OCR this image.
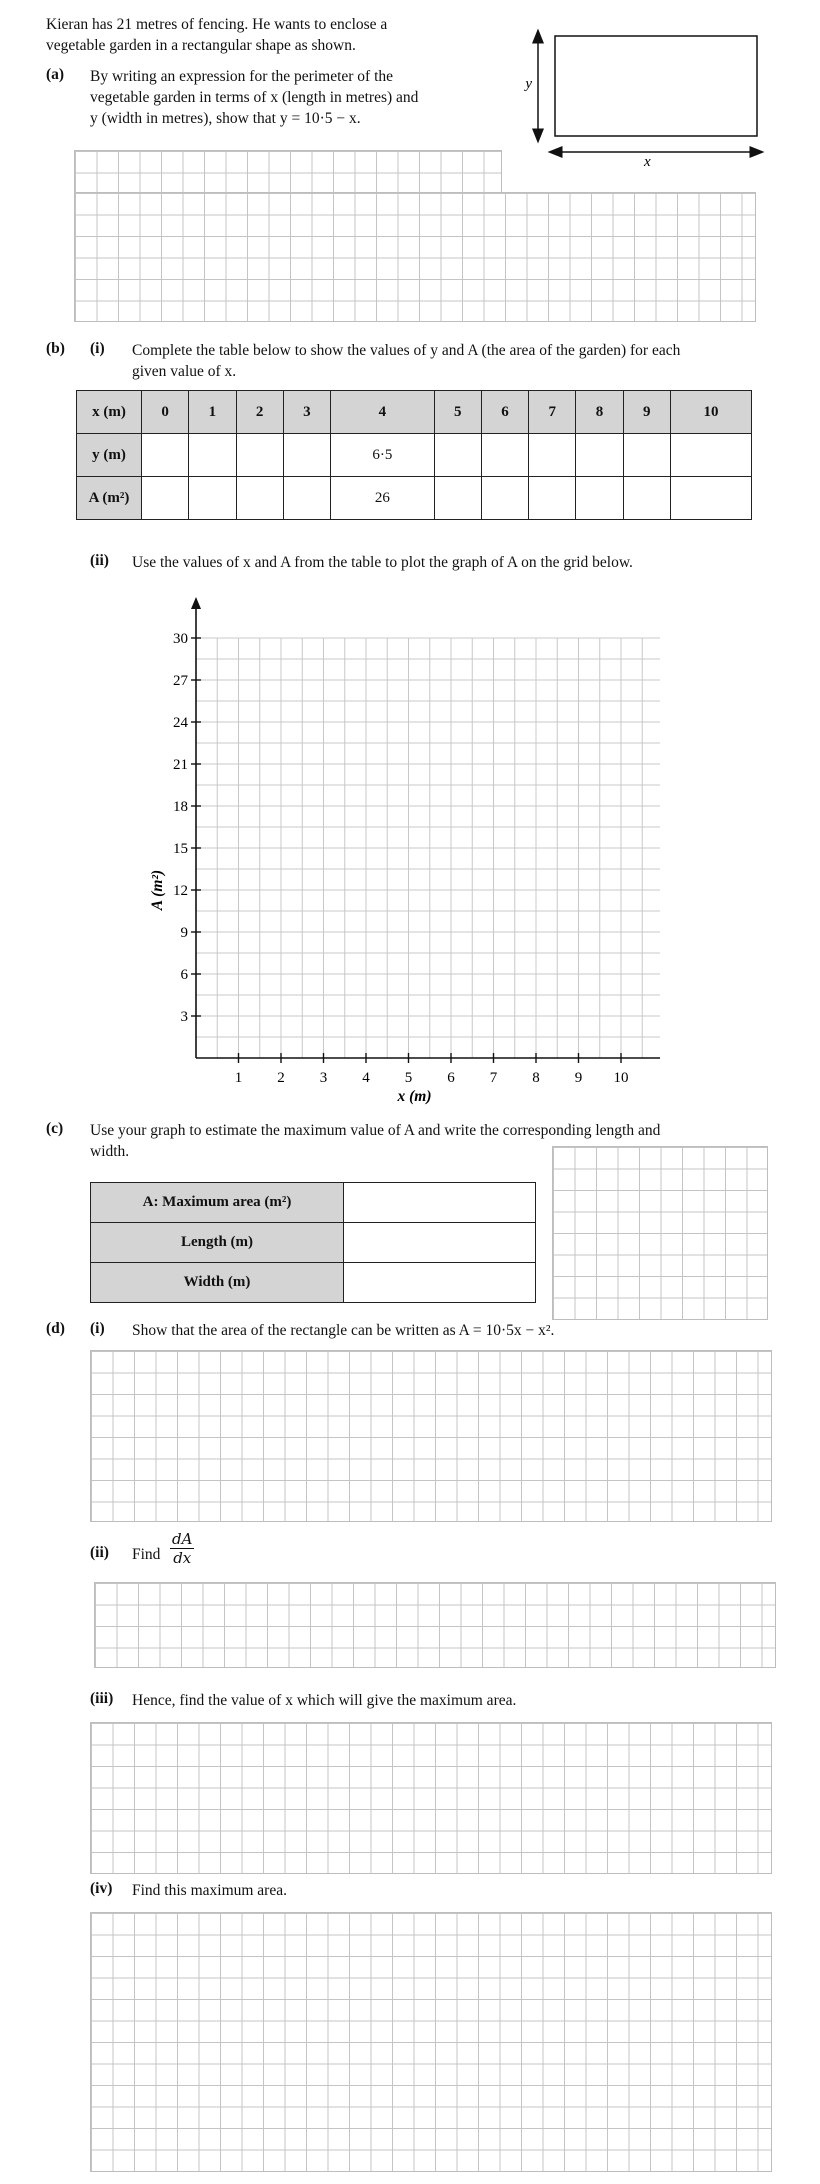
Kieran has 21 metres of fencing. He wants to enclose a
vegetable garden in a rectangular shape as shown.
(a) By writing an expression for the perimeter of the
vegetable garden in terms of x (length in metres) and
y (width in metres), show that y = 10·5 − x.
y
x
(b) (i) Complete the table below to show the values of y and A (the area of the garden) for each
given value of x.
x (m)	0	1	2	3	4	5	6	7	8	9	10
y (m)					6·5						
A (m²)					26						
(ii) Use the values of x and A from the table to plot the graph of A on the grid below.
1 2 3 4 5 6 7 8 9 10
3
6
9
12
15
18
21
24
27
30
x (m)
A (m²)
(c) Use your graph to estimate the maximum value of A and write the corresponding length and
width.
A: Maximum area (m²)	
Length (m)	
Width (m)	
(d) (i) Show that the area of the rectangle can be written as A = 10·5x − x².
(ii) Find $\frac{dA}{dx}$
(iii) Hence, find the value of x which will give the maximum area.
(iv) Find this maximum area.
